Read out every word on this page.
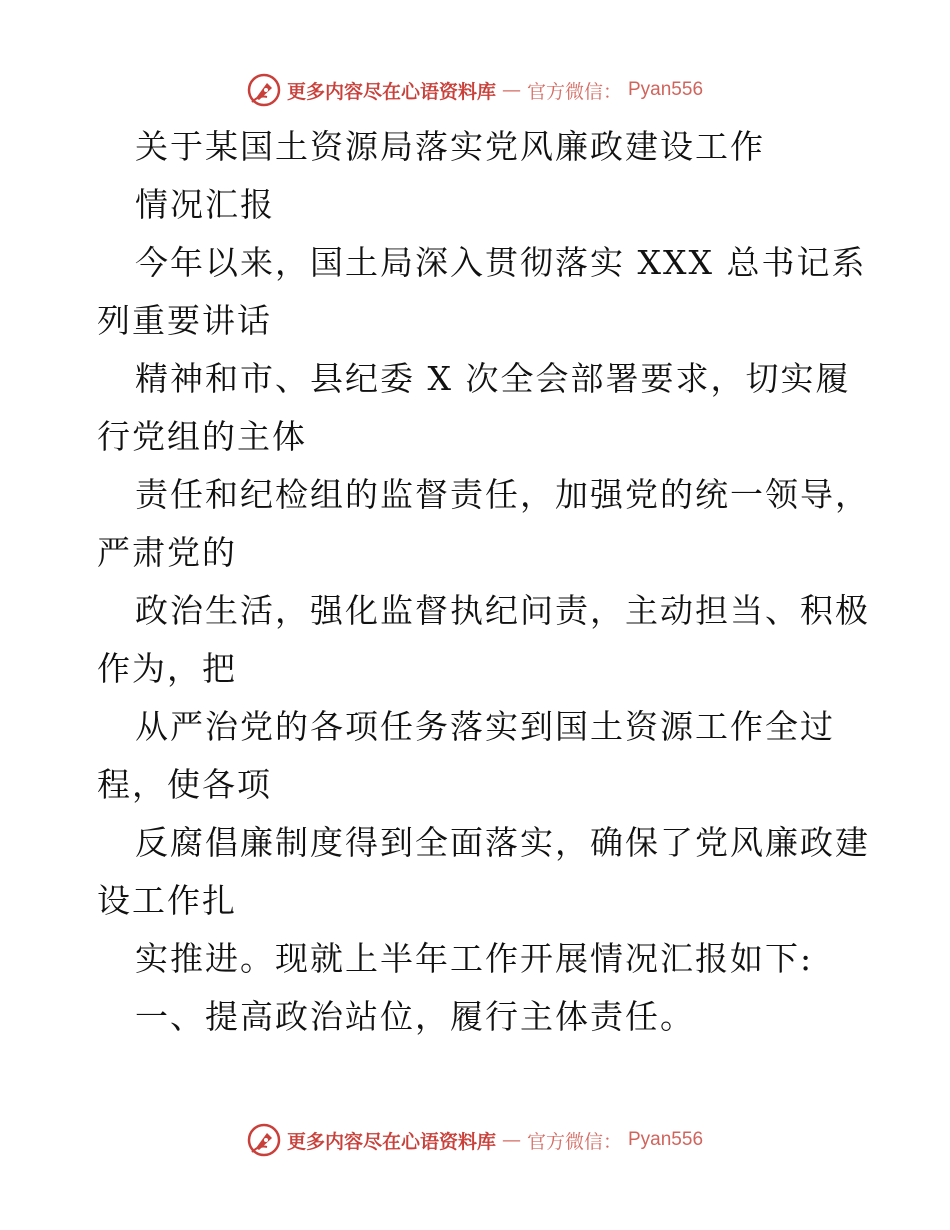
更多内容尽在心语资料库 — 官方微信： Pyan556
关于某国土资源局落实党风廉政建设工作
情况汇报
今年以来，国土局深入贯彻落实 XXX 总书记系
列重要讲话
精神和市、县纪委 X 次全会部署要求，切实履
行党组的主体
责任和纪检组的监督责任，加强党的统一领导，
严肃党的
政治生活，强化监督执纪问责，主动担当、积极
作为，把
从严治党的各项任务落实到国土资源工作全过
程，使各项
反腐倡廉制度得到全面落实，确保了党风廉政建
设工作扎
实推进。现就上半年工作开展情况汇报如下:
一、提高政治站位，履行主体责任。
更多内容尽在心语资料库 — 官方微信： Pyan556
